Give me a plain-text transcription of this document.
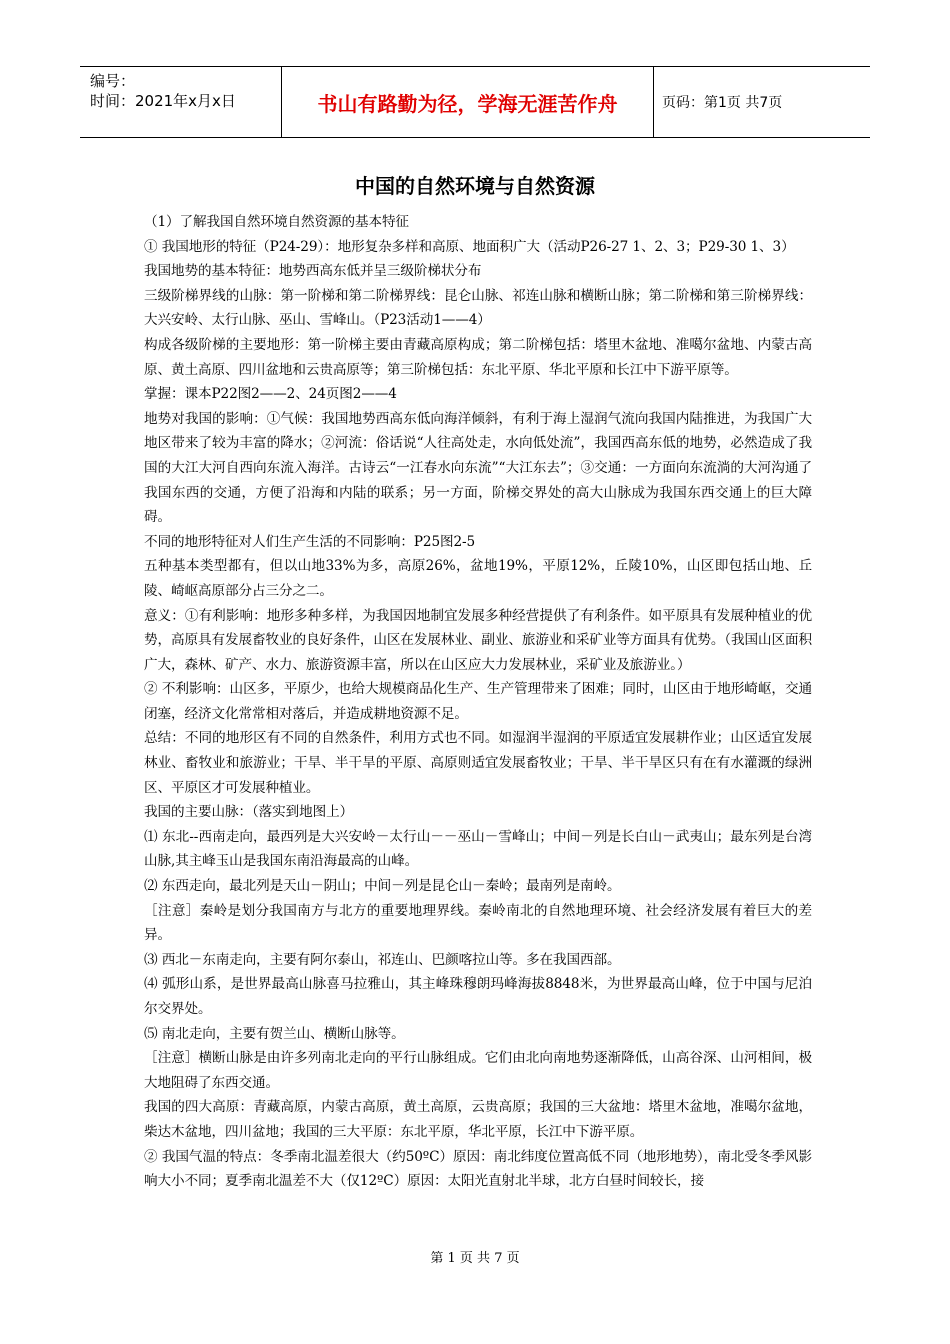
编号：
时间：2021年x月x日	书山有路勤为径，学海无涯苦作舟	页码：第1页 共7页
中国的自然环境与自然资源

（1）了解我国自然环境自然资源的基本特征

① 我国地形的特征（P24-29）：地形复杂多样和高原、地面积广大（活动P26-27 1、2、3；P29-30 1、3）

我国地势的基本特征：地势西高东低并呈三级阶梯状分布

三级阶梯界线的山脉：第一阶梯和第二阶梯界线：昆仑山脉、祁连山脉和横断山脉；第二阶梯和第三阶梯界线：大兴安岭、太行山脉、巫山、雪峰山。（P23活动1——4）

构成各级阶梯的主要地形：第一阶梯主要由青藏高原构成；第二阶梯包括：塔里木盆地、准噶尔盆地、内蒙古高原、黄土高原、四川盆地和云贵高原等；第三阶梯包括：东北平原、华北平原和长江中下游平原等。

掌握：课本P22图2——2、24页图2——4

地势对我国的影响：①气候：我国地势西高东低向海洋倾斜，有利于海上湿润气流向我国内陆推进，为我国广大地区带来了较为丰富的降水；②河流：俗话说“人往高处走，水向低处流”，我国西高东低的地势，必然造成了我国的大江大河自西向东流入海洋。古诗云“一江春水向东流”“大江东去”；③交通：一方面向东流淌的大河沟通了我国东西的交通，方便了沿海和内陆的联系；另一方面，阶梯交界处的高大山脉成为我国东西交通上的巨大障碍。

不同的地形特征对人们生产生活的不同影响：P25图2-5

五种基本类型都有，但以山地33%为多，高原26%，盆地19%，平原12%，丘陵10%，山区即包括山地、丘陵、崎岖高原部分占三分之二。

意义：①有利影响：地形多种多样，为我国因地制宜发展多种经营提供了有利条件。如平原具有发展种植业的优势，高原具有发展畜牧业的良好条件，山区在发展林业、副业、旅游业和采矿业等方面具有优势。（我国山区面积广大，森林、矿产、水力、旅游资源丰富，所以在山区应大力发展林业，采矿业及旅游业。）

② 不利影响：山区多，平原少，也给大规模商品化生产、生产管理带来了困难；同时，山区由于地形崎岖，交通闭塞，经济文化常常相对落后，并造成耕地资源不足。

总结：不同的地形区有不同的自然条件，利用方式也不同。如湿润半湿润的平原适宜发展耕作业；山区适宜发展林业、畜牧业和旅游业；干旱、半干旱的平原、高原则适宜发展畜牧业；干旱、半干旱区只有在有水灌溉的绿洲区、平原区才可发展种植业。

我国的主要山脉：（落实到地图上）

⑴ 东北--西南走向，最西列是大兴安岭－太行山－－巫山－雪峰山；中间－列是长白山－武夷山；最东列是台湾山脉,其主峰玉山是我国东南沿海最高的山峰。

⑵ 东西走向，最北列是天山－阴山；中间－列是昆仑山－秦岭；最南列是南岭。

［注意］秦岭是划分我国南方与北方的重要地理界线。秦岭南北的自然地理环境、社会经济发展有着巨大的差异。

⑶ 西北－东南走向，主要有阿尔泰山，祁连山、巴颜喀拉山等。多在我国西部。

⑷ 弧形山系，是世界最高山脉喜马拉雅山，其主峰珠穆朗玛峰海拔8848米，为世界最高山峰，位于中国与尼泊尔交界处。

⑸ 南北走向，主要有贺兰山、横断山脉等。

［注意］横断山脉是由许多列南北走向的平行山脉组成。它们由北向南地势逐渐降低，山高谷深、山河相间，极大地阻碍了东西交通。

我国的四大高原：青藏高原，内蒙古高原，黄土高原，云贵高原；我国的三大盆地：塔里木盆地，准噶尔盆地，柴达木盆地，四川盆地；我国的三大平原：东北平原，华北平原，长江中下游平原。

② 我国气温的特点：冬季南北温差很大（约50ºC）原因：南北纬度位置高低不同（地形地势），南北受冬季风影响大小不同；夏季南北温差不大（仅12ºC）原因：太阳光直射北半球，北方白昼时间较长，接

第 1 页 共 7 页
